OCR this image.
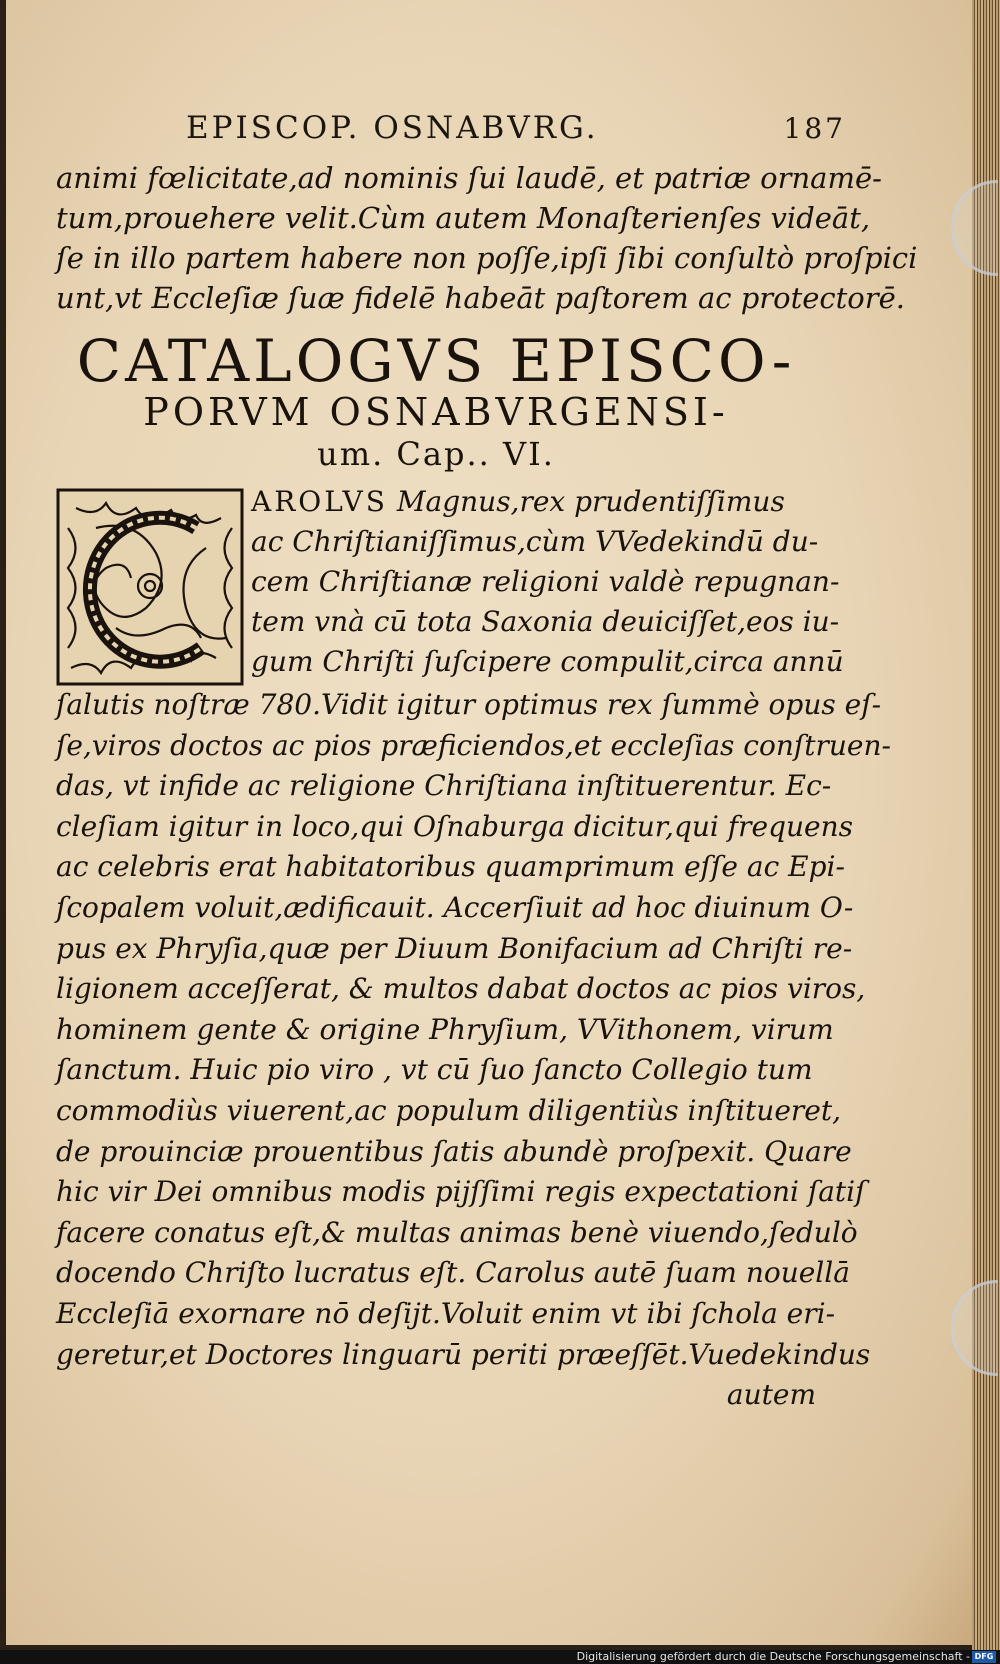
EPISCOP. OSNABVRG.	187
animi fœlicitate,ad nominis ſui laudē, et patriæ ornamē-
tum,prouehere velit.Cùm autem Monaſterienſes videāt,
ſe in illo partem habere non poſſe,ipſi ſibi conſultò proſpici
unt,vt Eccleſiæ ſuæ fidelē habeāt paſtorem ac protectorē.
CATALOGVS EPISCO-
PORVM OSNABVRGENSI-
um. Cap.. VI.
AROLVS Magnus,rex prudentiſſimus
ac Chriſtianiſſimus,cùm VVedekindū du-
cem Chriſtianæ religioni valdè repugnan-
tem vnà cū tota Saxonia deuiciſſet,eos iu-
gum Chriſti ſuſcipere compulit,circa annū
ſalutis noſtræ 780.Vidit igitur optimus rex ſummè opus eſ-
ſe,viros doctos ac pios præficiendos,et eccleſias conſtruen-
das, vt infide ac religione Chriſtiana inſtituerentur. Ec-
cleſiam igitur in loco,qui Oſnaburga dicitur,qui frequens
ac celebris erat habitatoribus quamprimum eſſe ac Epi-
ſcopalem voluit,ædificauit. Accerſiuit ad hoc diuinum O-
pus ex Phryſia,quæ per Diuum Bonifacium ad Chriſti re-
ligionem acceſſerat, & multos dabat doctos ac pios viros,
hominem gente & origine Phryſium, VVithonem, virum
ſanctum. Huic pio viro , vt cū ſuo ſancto Collegio tum
commodiùs viuerent,ac populum diligentiùs inſtitueret,
de prouinciæ prouentibus ſatis abundè proſpexit. Quare
hic vir Dei omnibus modis pijſſimi regis expectationi ſatiſ
facere conatus eſt,& multas animas benè viuendo,ſedulò
docendo Chriſto lucratus eſt. Carolus autē ſuam nouellā
Eccleſiā exornare nō deſijt.Voluit enim vt ibi ſchola eri-
geretur,et Doctores linguarū periti præeſſēt.Vuedekindus
autem
Digitalisierung gefördert durch die Deutsche Forschungsgemeinschaft - DFG
